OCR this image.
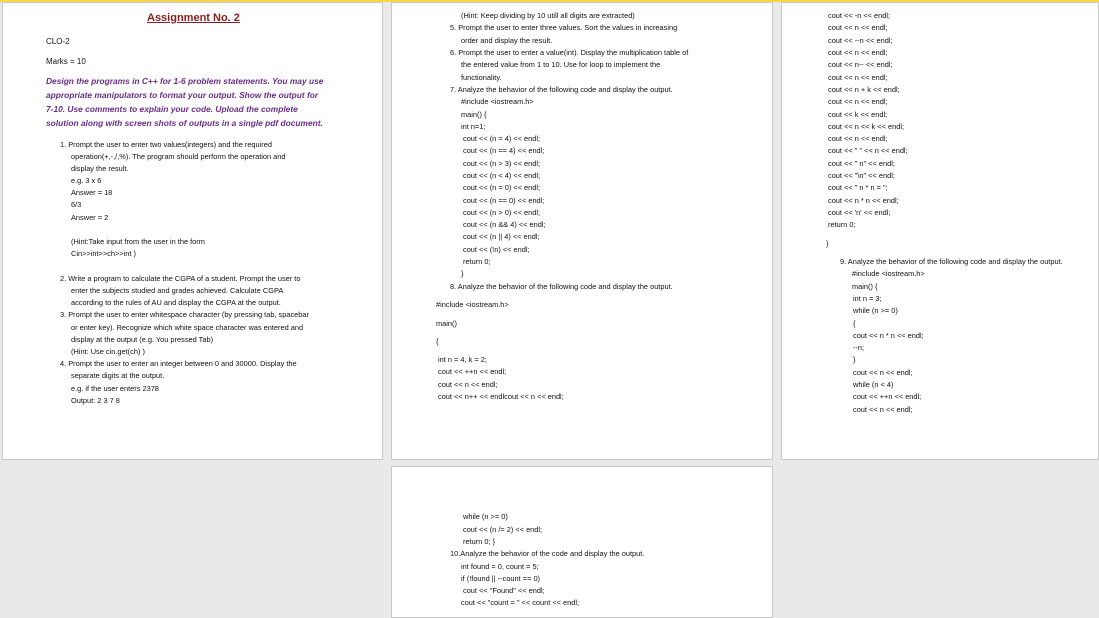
Assignment No. 2
CLO-2
Marks = 10
Design the programs in C++ for 1-6 problem statements. You may use
appropriate manipulators to format your output. Show the output for
7-10. Use comments to explain your code. Upload the complete
solution along with screen shots of outputs in a single pdf document.
1. Prompt the user to enter two values(integers) and the required
operation(+,-,/,%). The program should perform the operation and
display the result.
e.g. 3 x 6
Answer = 18
6/3
Answer = 2
(Hint:Take input from the user in the form
Cin>>int>>ch>>int )
2. Write a program to calculate the CGPA of a student. Prompt the user to
enter the subjects studied and grades achieved. Calculate CGPA
according to the rules of AU and display the CGPA at the output.
3. Prompt the user to enter whitespace character (by pressing tab, spacebar
or enter key). Recognize which white space character was entered and
display at the output (e.g. You pressed Tab)
(Hint: Use cin.get(ch) )
4. Prompt the user to enter an integer between 0 and 30000. Display the
separate digits at the output.
e.g. if the user enters 2378
Output: 2 3 7 8
(Hint: Keep dividing by 10 utill all digits are extracted)
5. Prompt the user to enter three values. Sort the values in increasing
order and display the result.
6. Prompt the user to enter a value(int). Display the multiplication table of
the entered value from 1 to 10. Use for loop to implement the
functionality.
7. Analyze the behavior of the following code and display the output.
#include <iostream.h>
main() {
int n=1;
cout << (n = 4) << endl;
cout << (n == 4) << endl;
cout << (n > 3) << endl;
cout << (n < 4) << endl;
cout << (n = 0) << endl;
cout << (n == 0) << endl;
cout << (n > 0) << endl;
cout << (n && 4) << endl;
cout << (n || 4) << endl;
cout << (!n) << endl;
return 0;
}
8. Analyze the behavior of the following code and display the output.
#include <iostream.h>
main()
{
int n = 4, k = 2;
cout << ++n << endl;
cout << n << endl;
cout << n++ << endlcout << n << endl;
cout << -n << endl;
cout << n << endl;
cout << --n << endl;
cout << n << endl;
cout << n-- << endl;
cout << n << endl;
cout << n + k << endl;
cout << n << endl;
cout << k << endl;
cout << n << k << endl;
cout << n << endl;
cout << " " << n << endl;
cout << " n" << endl;
cout << "\n" << endl;
cout << " n * n = ";
cout << n * n << endl;
cout << 'n' << endl;
return 0;
}
9. Analyze the behavior of the following code and display the output.
#include <iostream.h>
main() {
int n = 3;
while (n >= 0)
{
cout << n * n << endl;
--n;
}
cout << n << endl;
while (n < 4)
cout << ++n << endl;
cout << n << endl;
while (n >= 0)
cout << (n /= 2) << endl;
return 0; }
10.Analyze the behavior of the code and display the output.
int found = 0, count = 5;
if (!found || --count == 0)
cout << "Found" << endl;
cout << "count = " << count << endl;
